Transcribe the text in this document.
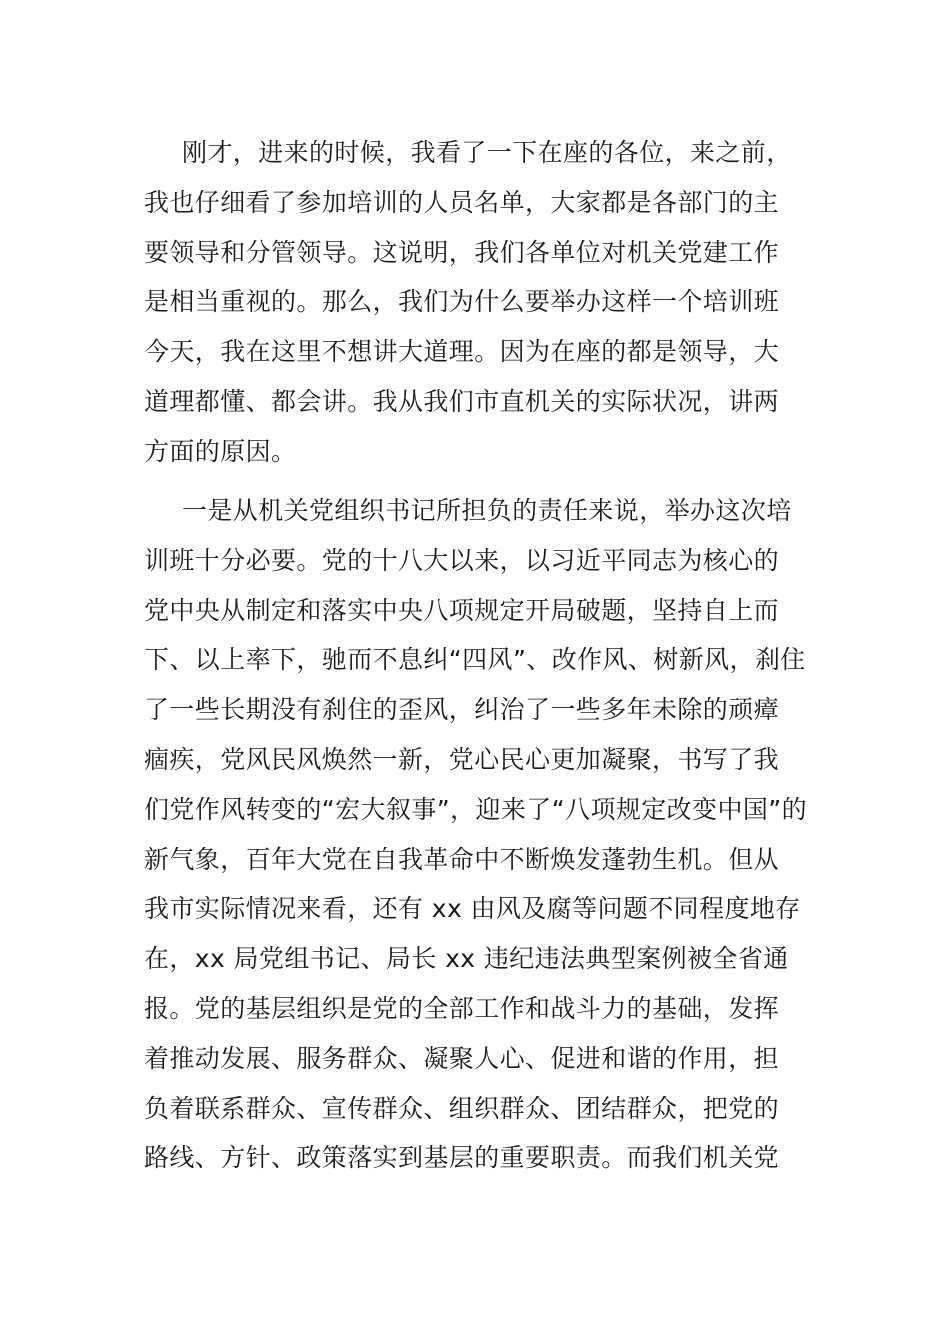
刚才，进来的时候，我看了一下在座的各位，来之前，
我也仔细看了参加培训的人员名单，大家都是各部门的主
要领导和分管领导。这说明，我们各单位对机关党建工作
是相当重视的。那么，我们为什么要举办这样一个培训班
今天，我在这里不想讲大道理。因为在座的都是领导，大
道理都懂、都会讲。我从我们市直机关的实际状况，讲两
方面的原因。
一是从机关党组织书记所担负的责任来说，举办这次培
训班十分必要。党的十八大以来，以习近平同志为核心的
党中央从制定和落实中央八项规定开局破题，坚持自上而
下、以上率下，驰而不息纠“四风”、改作风、树新风，刹住
了一些长期没有刹住的歪风，纠治了一些多年未除的顽瘴
痼疾，党风民风焕然一新，党心民心更加凝聚，书写了我
们党作风转变的“宏大叙事”，迎来了“八项规定改变中国”的
新气象，百年大党在自我革命中不断焕发蓬勃生机。但从
我市实际情况来看，还有 xx 由风及腐等问题不同程度地存
在，xx 局党组书记、局长 xx 违纪违法典型案例被全省通
报。党的基层组织是党的全部工作和战斗力的基础，发挥
着推动发展、服务群众、凝聚人心、促进和谐的作用，担
负着联系群众、宣传群众、组织群众、团结群众，把党的
路线、方针、政策落实到基层的重要职责。而我们机关党
